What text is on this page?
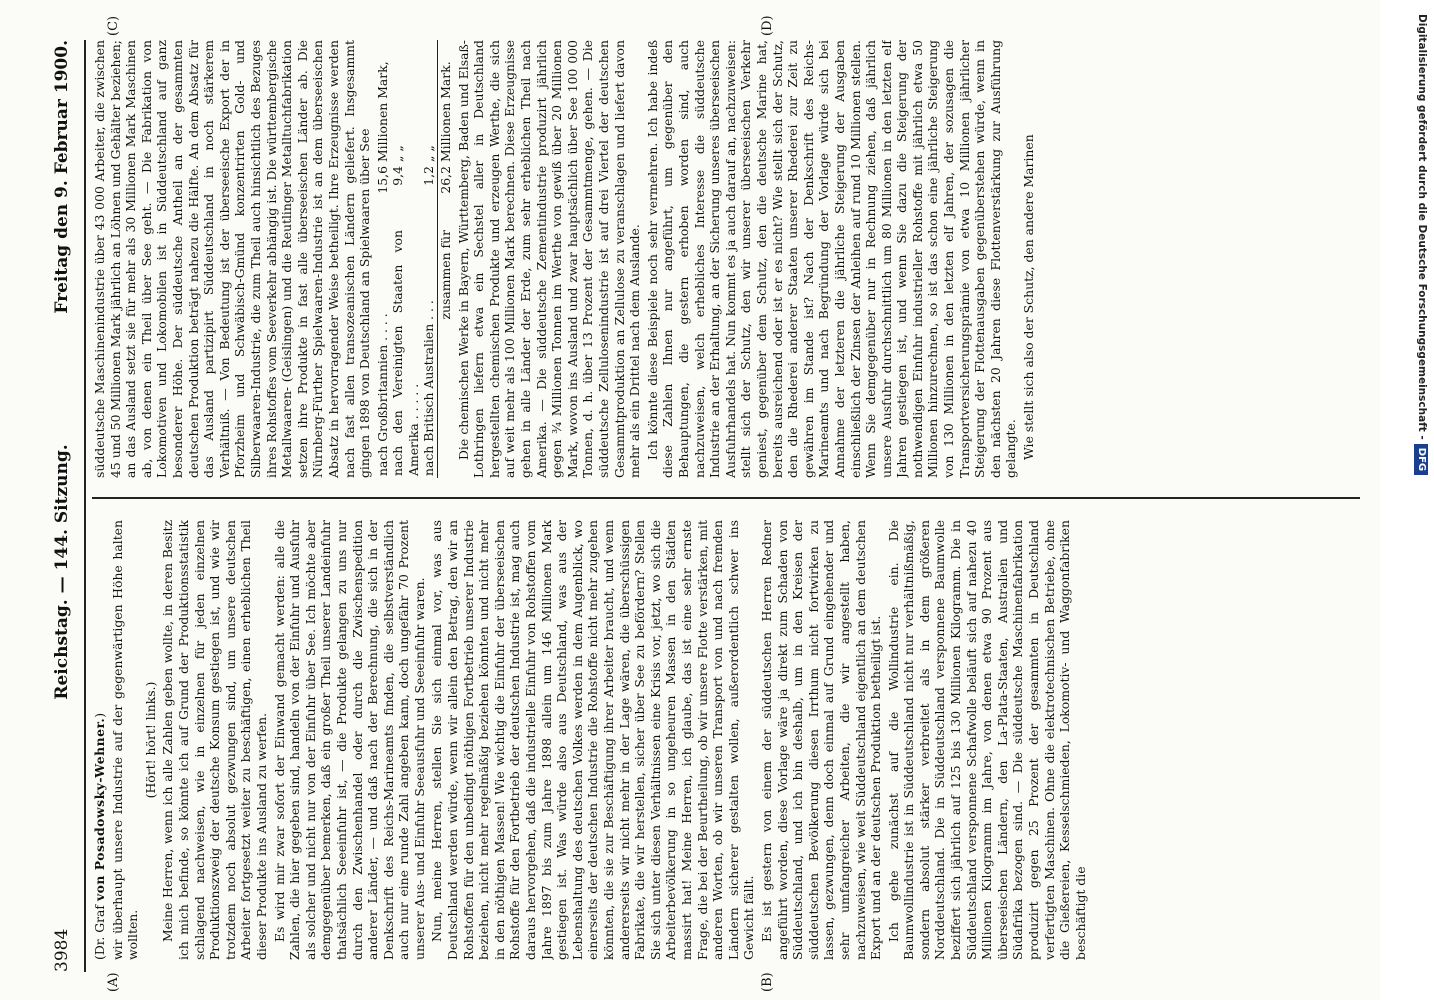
3984
Reichstag. — 144. Sitzung.
Freitag den 9. Februar 1900.
(A)	(B)
(C)	(D)

(Dr. Graf von Posadowsky-Wehner.) wir überhaupt unsere Industrie auf der gegenwärtigen Höhe halten wollten.

(Hört! hört! links.) Meine Herren, wenn ich alle Zahlen geben wollte, in deren Besitz ich mich befinde, so könnte ich auf Grund der Produktionsstatistik schlagend nachweisen, wie in einzelnen für jeden einzelnen Produktionszweig der deutsche Konsum gestiegen ist, und wie wir trotzdem noch absolut gezwungen sind, um unsere deutschen Arbeiter fortgesetzt weiter zu beschäftigen, einen erheblichen Theil dieser Produkte ins Ausland zu werfen. Es wird mir zwar sofort der Einwand gemacht werden: alle die Zahlen, die hier gegeben sind, handeln von der Einfuhr und Ausfuhr als solcher und nicht nur von der Einfuhr über See. Ich möchte aber demgegenüber bemerken, daß ein großer Theil unserer Landeinfuhr thatsächlich Seeeinfuhr ist, — die Produkte gelangen zu uns nur durch den Zwischenhandel oder durch die Zwischenspedition anderer Länder, — und daß nach der Berechnung, die sich in der Denkschrift des Reichs-Marineamts finden, die selbstverständlich auch nur eine runde Zahl angeben kann, doch ungefähr 70 Prozent unserer Aus- und Einfuhr Seeausfuhr und Seeeinfuhr waren. Nun, meine Herren, stellen Sie sich einmal vor, was aus Deutschland werden würde, wenn wir allein den Betrag, den wir an Rohstoffen für den unbedingt nöthigen Fortbetrieb unserer Industrie beziehen, nicht mehr regelmäßig beziehen könnten und nicht mehr in den nöthigen Massen! Wie wichtig die Einfuhr der überseeischen Rohstoffe für den Fortbetrieb der deutschen Industrie ist, mag auch daraus hervorgehen, daß die industrielle Einfuhr von Rohstoffen vom Jahre 1897 bis zum Jahre 1898 allein um 146 Millionen Mark gestiegen ist. Was würde also aus Deutschland, was aus der Lebenshaltung des deutschen Volkes werden in dem Augenblick, wo einerseits der deutschen Industrie die Rohstoffe nicht mehr zugehen könnten, die sie zur Beschäftigung ihrer Arbeiter braucht, und wenn andererseits wir nicht mehr in der Lage wären, die überschüssigen Fabrikate, die wir herstellen, sicher über See zu befördern? Stellen Sie sich unter diesen Verhältnissen eine Krisis vor, jetzt, wo sich die Arbeiterbevölkerung in so ungeheuren Massen in den Städten massirt hat! Meine Herren, ich glaube, das ist eine sehr ernste Frage, die bei der Beurtheilung, ob wir unsere Flotte verstärken, mit anderen Worten, ob wir unseren Transport von und nach fremden Ländern sicherer gestalten wollen, außerordentlich schwer ins Gewicht fällt. Es ist gestern von einem der süddeutschen Herren Redner angeführt worden, diese Vorlage wäre ja direkt zum Schaden von Süddeutschland, und ich bin deshalb, um in den Kreisen der süddeutschen Bevölkerung diesen Irrthum nicht fortwirken zu lassen, gezwungen, denn doch einmal auf Grund eingehender und sehr umfangreicher Arbeiten, die wir angestellt haben, nachzuweisen, wie weit Süddeutschland eigentlich an dem deutschen Export und an der deutschen Produktion betheiligt ist. Ich gehe zunächst auf die Wollindustrie ein. Die Baumwollindustrie ist in Süddeutschland nicht nur verhältnißmäßig, sondern absolut stärker verbreitet als in dem größeren Norddeutschland. Die in Süddeutschland versponnene Baumwolle beziffert sich jährlich auf 125 bis 130 Millionen Kilogramm. Die in Süddeutschland versponnene Schafwolle beläuft sich auf nahezu 40 Millionen Kilogramm im Jahre, von denen etwa 90 Prozent aus überseeischen Ländern, den La-Plata-Staaten, Australien und Südafrika bezogen sind. — Die süddeutsche Maschinenfabrikation produzirt gegen 25 Prozent der gesammten in Deutschland verfertigten Maschinen. Ohne die elektrotechnischen Betriebe, ohne die Gießereien, Kesselschmieden, Lokomotiv- und Waggonfabriken beschäftigt die

süddeutsche Maschinenindustrie über 43 000 Arbeiter, die zwischen 45 und 50 Millionen Mark jährlich an Löhnen und Gehälter beziehen; an das Ausland setzt sie für mehr als 30 Millionen Mark Maschinen ab, von denen ein Theil über See geht. — Die Fabrikation von Lokomotiven und Lokomobilen ist in Süddeutschland auf ganz besonderer Höhe. Der süddeutsche Antheil an der gesammten deutschen Produktion beträgt nahezu die Hälfte. An dem Absatz für das Ausland partizipirt Süddeutschland in noch stärkerem Verhältniß. — Von Bedeutung ist der überseeische Export der in Pforzheim und Schwäbisch-Gmünd konzentrirten Gold- und Silberwaaren-Industrie, die zum Theil auch hinsichtlich des Bezuges ihres Rohstoffes vom Seeverkehr abhängig ist. Die württembergische Metallwaaren- (Geislingen) und die Reutlinger Metalltuchfabrikation setzen ihre Produkte in fast alle überseeischen Länder ab. Die Nürnberg-Fürther Spielwaaren-Industrie ist an dem überseeischen Absatz in hervorragender Weise betheiligt. Ihre Erzeugnisse werden nach fast allen transozeanischen Ländern geliefert. Insgesammt gingen 1898 von Deutschland an Spielwaaren über See nach Großbritannien . . . .	15,6	Millionen Mark,
nach den Vereinigten Staaten von Amerika . . . . .	9,4	„ „
nach Britisch Australien . . .	1,2	„ „
zusammen für	26,2	Millionen Mark. Die chemischen Werke in Bayern, Württemberg, Baden und Elsaß-Lothringen liefern etwa ein Sechstel aller in Deutschland hergestellten chemischen Produkte und erzeugen Werthe, die sich auf weit mehr als 100 Millionen Mark berechnen. Diese Erzeugnisse gehen in alle Länder der Erde, zum sehr erheblichen Theil nach Amerika. — Die süddeutsche Zementindustrie produzirt jährlich gegen ¾ Millionen Tonnen im Werthe von gewiß über 20 Millionen Mark, wovon ins Ausland und zwar hauptsächlich über See 100 000 Tonnen, d. h. über 13 Prozent der Gesammtmenge, gehen. — Die süddeutsche Zellulosenindustrie ist auf drei Viertel der deutschen Gesammtproduktion an Zellulose zu veranschlagen und liefert davon mehr als ein Drittel nach dem Auslande. Ich könnte diese Beispiele noch sehr vermehren. Ich habe indeß diese Zahlen Ihnen nur angeführt, um gegenüber den Behauptungen, die gestern erhoben worden sind, auch nachzuweisen, welch erhebliches Interesse die süddeutsche Industrie an der Erhaltung, an der Sicherung unseres überseeischen Ausfuhrhandels hat. Nun kommt es ja auch darauf an, nachzuweisen: stellt sich der Schutz, den wir unserer überseeischen Verkehr geniest, gegenüber dem Schutz, den die deutsche Marine hat, bereits ausreichend oder ist er es nicht? Wie stellt sich der Schutz, den die Rhederei anderer Staaten unserer Rhederei zur Zeit zu gewähren im Stande ist? Nach der Denkschrift des Reichs-Marineamts und nach Begründung der Vorlage würde sich bei Annahme der letzteren die jährliche Steigerung der Ausgaben einschließlich der Zinsen der Anleihen auf rund 10 Millionen stellen. Wenn Sie demgegenüber nur in Rechnung ziehen, daß jährlich unsere Ausfuhr durchschnittlich um 80 Millionen in den letzten elf Jahren gestiegen ist, und wenn Sie dazu die Steigerung der nothwendigen Einfuhr industrieller Rohstoffe mit jährlich etwa 50 Millionen hinzurechnen, so ist das schon eine jährliche Steigerung von 130 Millionen in den letzten elf Jahren, der sozusagen die Transportversicherungsprämie von etwa 10 Millionen jährlicher Steigerung der Flottenausgaben gegenüberstehen würde, wenn in den nächsten 20 Jahren diese Flottenverstärkung zur Ausführung gelangte. Wie stellt sich also der Schutz, den andere Marinen	Digitalisierung gefördert durch die Deutsche Forschungsgemeinschaft -DFG
